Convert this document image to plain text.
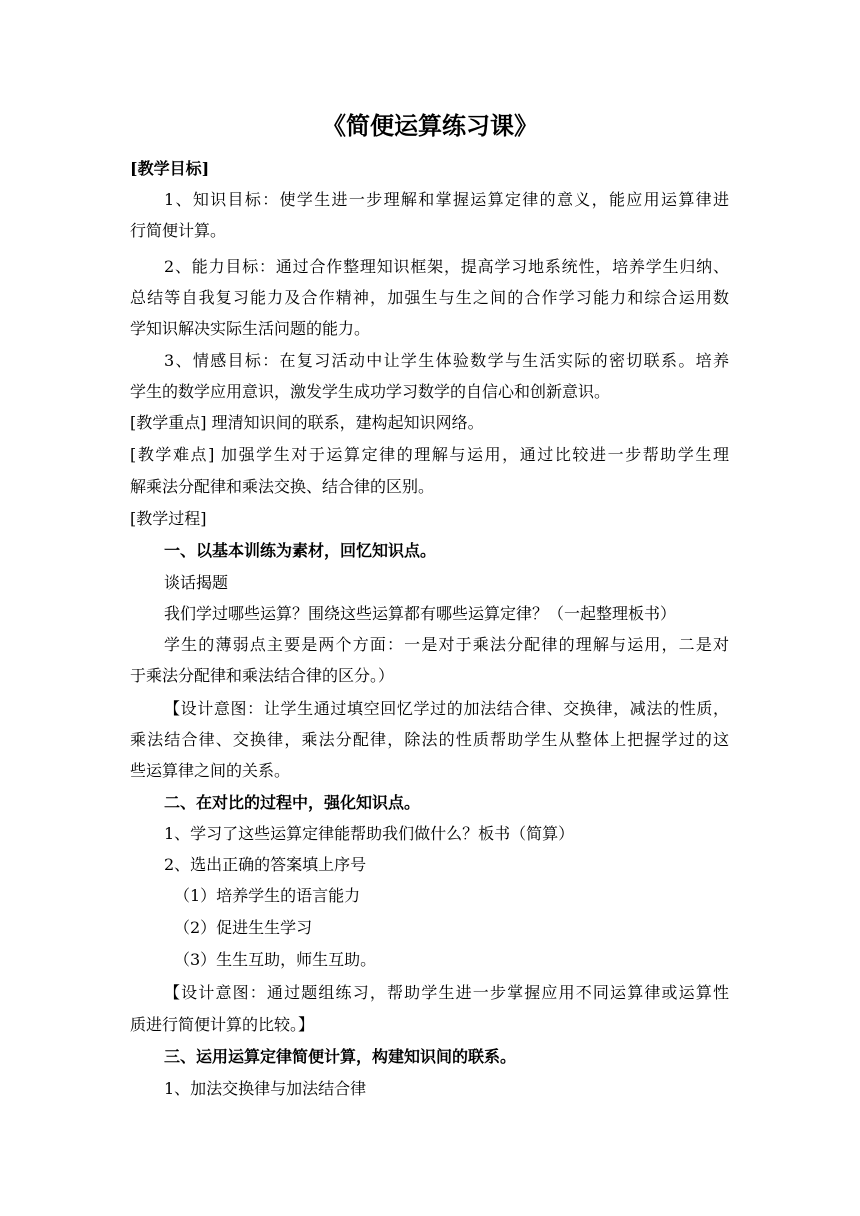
《简便运算练习课》
[教学目标]
1、知识目标：使学生进一步理解和掌握运算定律的意义，能应用运算律进
行简便计算。
2、能力目标：通过合作整理知识框架，提高学习地系统性，培养学生归纳、
总结等自我复习能力及合作精神，加强生与生之间的合作学习能力和综合运用数
学知识解决实际生活问题的能力。
3、情感目标：在复习活动中让学生体验数学与生活实际的密切联系。培养
学生的数学应用意识，激发学生成功学习数学的自信心和创新意识。
[教学重点] 理清知识间的联系，建构起知识网络。
[教学难点] 加强学生对于运算定律的理解与运用，通过比较进一步帮助学生理
解乘法分配律和乘法交换、结合律的区别。
[教学过程]
一、以基本训练为素材，回忆知识点。
谈话揭题
我们学过哪些运算？围绕这些运算都有哪些运算定律？（一起整理板书）
学生的薄弱点主要是两个方面：一是对于乘法分配律的理解与运用，二是对
于乘法分配律和乘法结合律的区分。）
【设计意图：让学生通过填空回忆学过的加法结合律、交换律，减法的性质，
乘法结合律、交换律，乘法分配律，除法的性质帮助学生从整体上把握学过的这
些运算律之间的关系。
二、在对比的过程中，强化知识点。
1、学习了这些运算定律能帮助我们做什么？板书（简算）
2、选出正确的答案填上序号
（1）培养学生的语言能力
（2）促进生生学习
（3）生生互助，师生互助。
【设计意图：通过题组练习，帮助学生进一步掌握应用不同运算律或运算性
质进行简便计算的比较。】
三、运用运算定律简便计算，构建知识间的联系。
1、加法交换律与加法结合律
